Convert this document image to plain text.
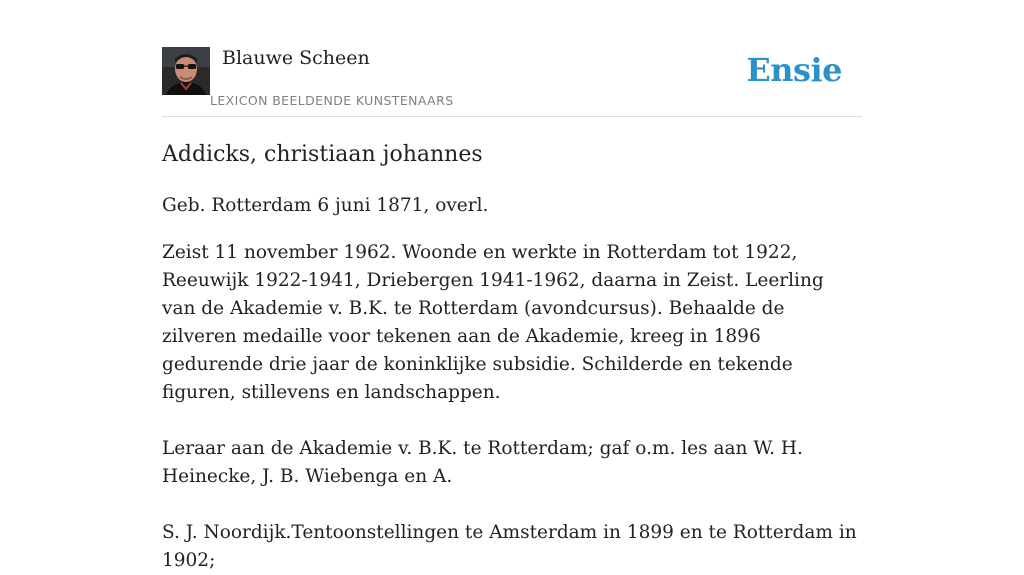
Blauwe Scheen
LEXICON BEELDENDE KUNSTENAARS
Ensie
Addicks, christiaan johannes

Geb. Rotterdam 6 juni 1871, overl.

Zeist 11 november 1962. Woonde en werkte in Rotterdam tot 1922, Reeuwijk 1922-1941, Driebergen 1941-1962, daarna in Zeist. Leerling van de Akademie v. B.K. te Rotterdam (avondcursus). Behaalde de zilveren medaille voor tekenen aan de Akademie, kreeg in 1896 gedurende drie jaar de koninklijke subsidie. Schilderde en tekende figuren, stillevens en landschappen.

Leraar aan de Akademie v. B.K. te Rotterdam; gaf o.m. les aan W. H. Heinecke, J. B. Wiebenga en A.

S. J. Noordijk.Tentoonstellingen te Amsterdam in 1899 en te Rotterdam in 1902;
